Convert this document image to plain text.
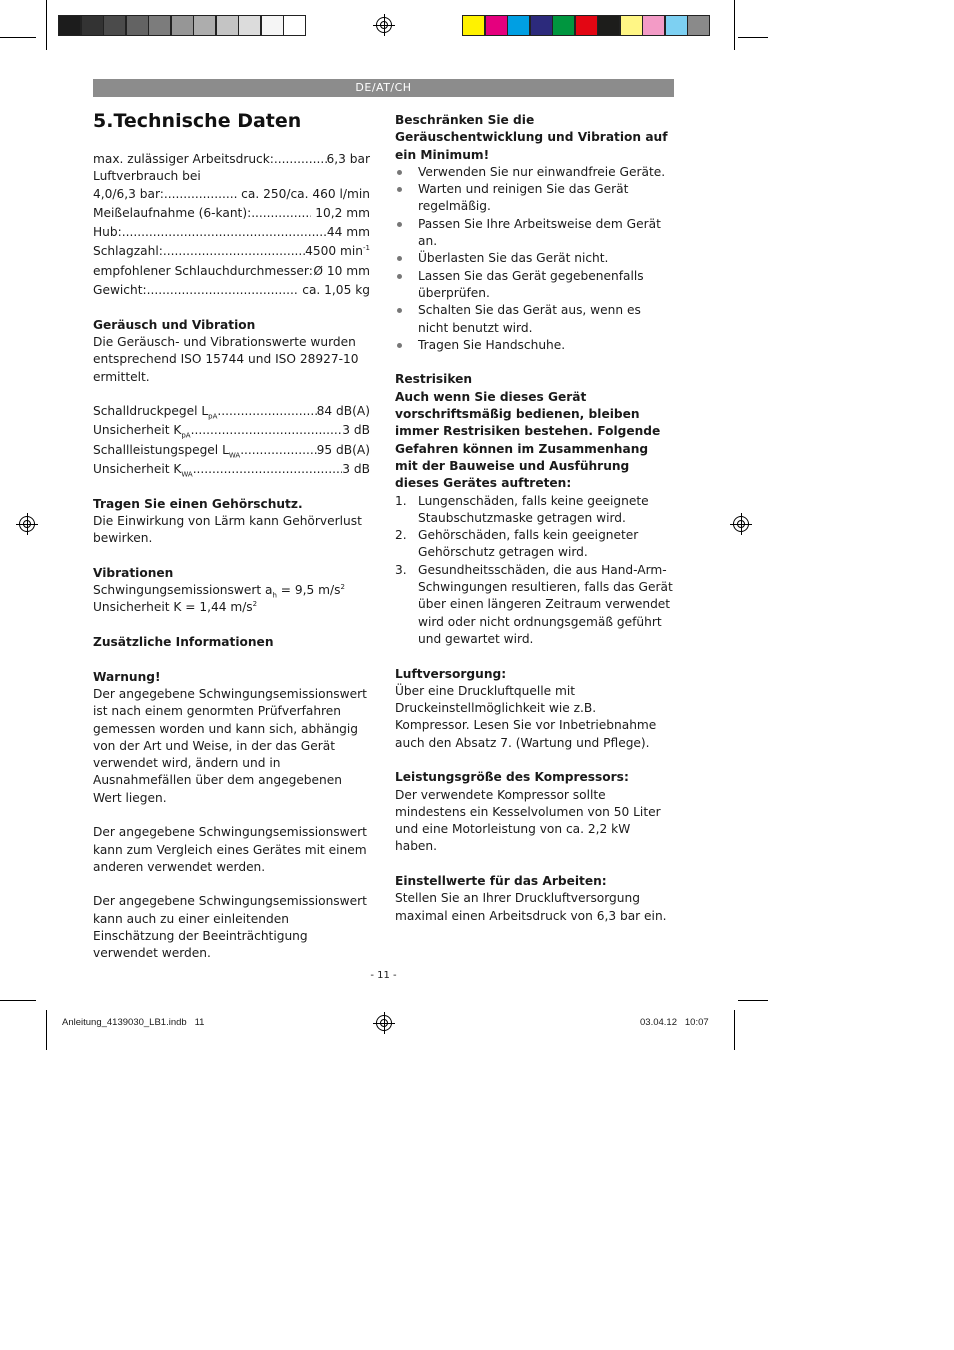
DE/AT/CH
5.Technische Daten
max. zulässiger Arbeitsdruck: .....	6,3 bar

Luftverbrauch bei

4,0/6,3 bar: .....	ca. 250/ca. 460 l/min
Meißelaufnahme (6-kant): .....	10,2 mm
Hub: .....	44 mm
Schlagzahl: .....	4500 $\min^{-1}$
empfohlener Schlauchdurchmesser: ..... Ø 10 mm
Gewicht: .....	ca. 1,05 kg

Geräusch und Vibration

Die Geräusch- und Vibrationswerte wurden entsprechend ISO 15744 und ISO 28927-10 ermittelt.

Schalldruckpegel $L_{pA}$ .....	84 dB(A)
Unsicherheit $K_{pA}$ .....	3 dB
Schallleistungspegel $L_{WA}$ .....	95 dB(A)
Unsicherheit $K_{WA}$ .....	3 dB

Tragen Sie einen Gehörschutz.

Die Einwirkung von Lärm kann Gehörverlust bewirken.

Vibrationen

Schwingungsemissionswert $a_h = 9,5$ $m/s^2$

Unsicherheit K = 1,44 $m/s^2$

Zusätzliche Informationen

Warnung!

Der angegebene Schwingungsemissionswert ist nach einem genormten Prüfverfahren gemessen worden und kann sich, abhängig von der Art und Weise, in der das Gerät verwendet wird, ändern und in Ausnahmefällen über dem angegebenen Wert liegen.

Der angegebene Schwingungsemissionswert kann zum Vergleich eines Gerätes mit einem anderen verwendet werden.

Der angegebene Schwingungsemissionswert kann auch zu einer einleitenden Einschätzung der Beeinträchtigung verwendet werden.

Beschränken Sie die Geräuschentwicklung und Vibration auf ein Minimum!

Verwenden Sie nur einwandfreie Geräte.
Warten und reinigen Sie das Gerät regelmäßig.
Passen Sie Ihre Arbeitsweise dem Gerät an.
Überlasten Sie das Gerät nicht.
Lassen Sie das Gerät gegebenenfalls überprüfen.
Schalten Sie das Gerät aus, wenn es nicht benutzt wird.
Tragen Sie Handschuhe.

Restrisiken

Auch wenn Sie dieses Gerät vorschriftsmäßig bedienen, bleiben immer Restrisiken bestehen. Folgende Gefahren können im Zusammenhang mit der Bauweise und Ausführung dieses Gerätes auftreten:

1. Lungenschäden, falls keine geeignete Staubschutzmaske getragen wird.
2. Gehörschäden, falls kein geeigneter Gehörschutz getragen wird.
3. Gesundheitsschäden, die aus Hand-Arm-Schwingungen resultieren, falls das Gerät über einen längeren Zeitraum verwendet wird oder nicht ordnungsgemäß geführt und gewartet wird.

Luftversorgung:

Über eine Druckluftquelle mit Druckeinstellmöglichkeit wie z.B. Kompressor. Lesen Sie vor Inbetriebnahme auch den Absatz 7. (Wartung und Pflege).

Leistungsgröße des Kompressors:

Der verwendete Kompressor sollte mindestens ein Kesselvolumen von 50 Liter und eine Motorleistung von ca. 2,2 kW haben.

Einstellwerte für das Arbeiten:

Stellen Sie an Ihrer Druckluftversorgung maximal einen Arbeitsdruck von 6,3 bar ein.

- 11 -
Anleitung_4139030_LB1.indb   11	03.04.12   10:07
